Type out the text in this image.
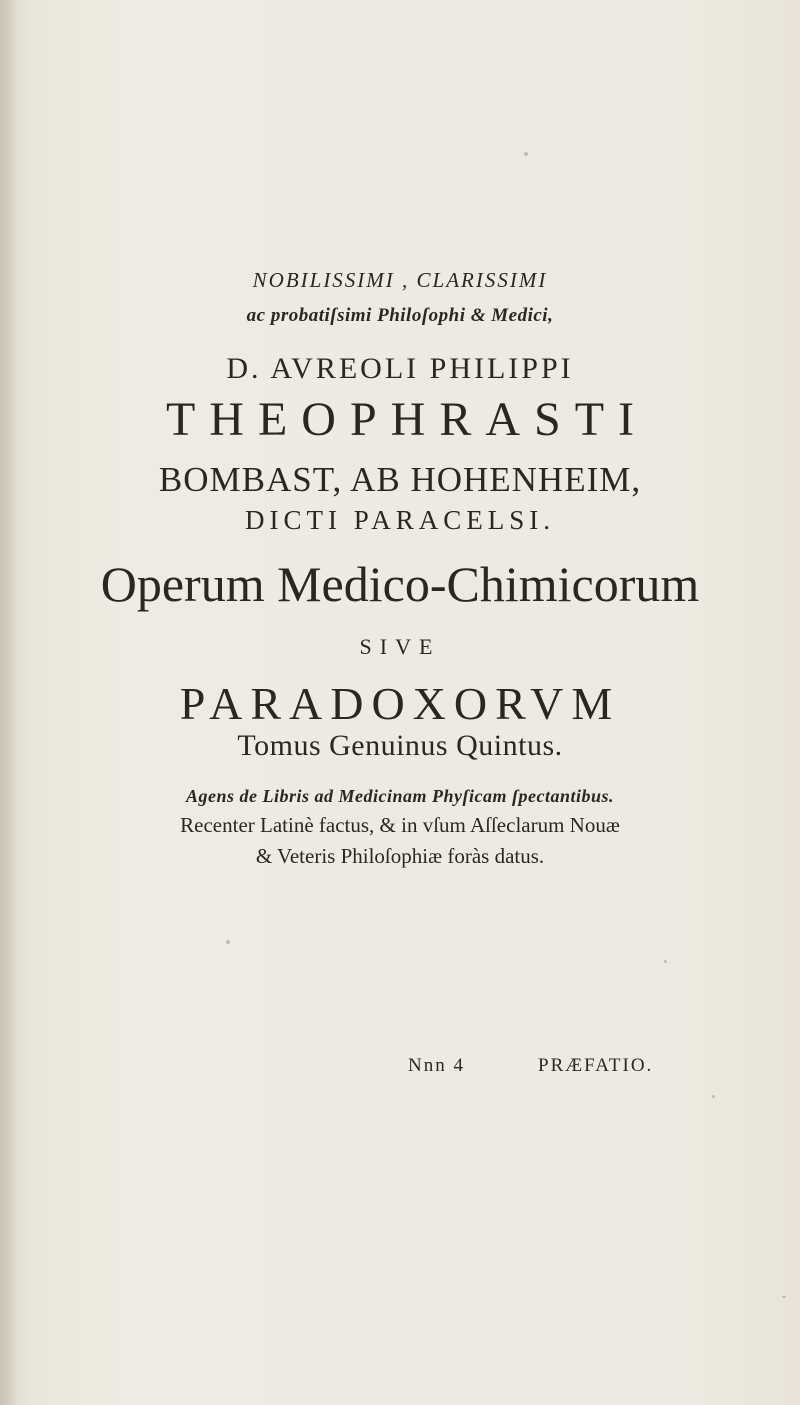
NOBILISSIMI , CLARISSIMI
ac probatiſsimi Philoſophi & Medici,
D. AVREOLI PHILIPPI
THEOPHRASTI
BOMBAST, AB HOHENHEIM,
DICTI PARACELSI.
Operum Medico-Chimicorum
SIVE
PARADOXORVM
Tomus Genuinus Quintus.
Agens de Libris ad Medicinam Phyſicam ſpectantibus.
Recenter Latinè factus, & in vſum Aſſeclarum Nouæ
& Veteris Philoſophiæ foràs datus.
Nnn 4	PRÆFATIO.
